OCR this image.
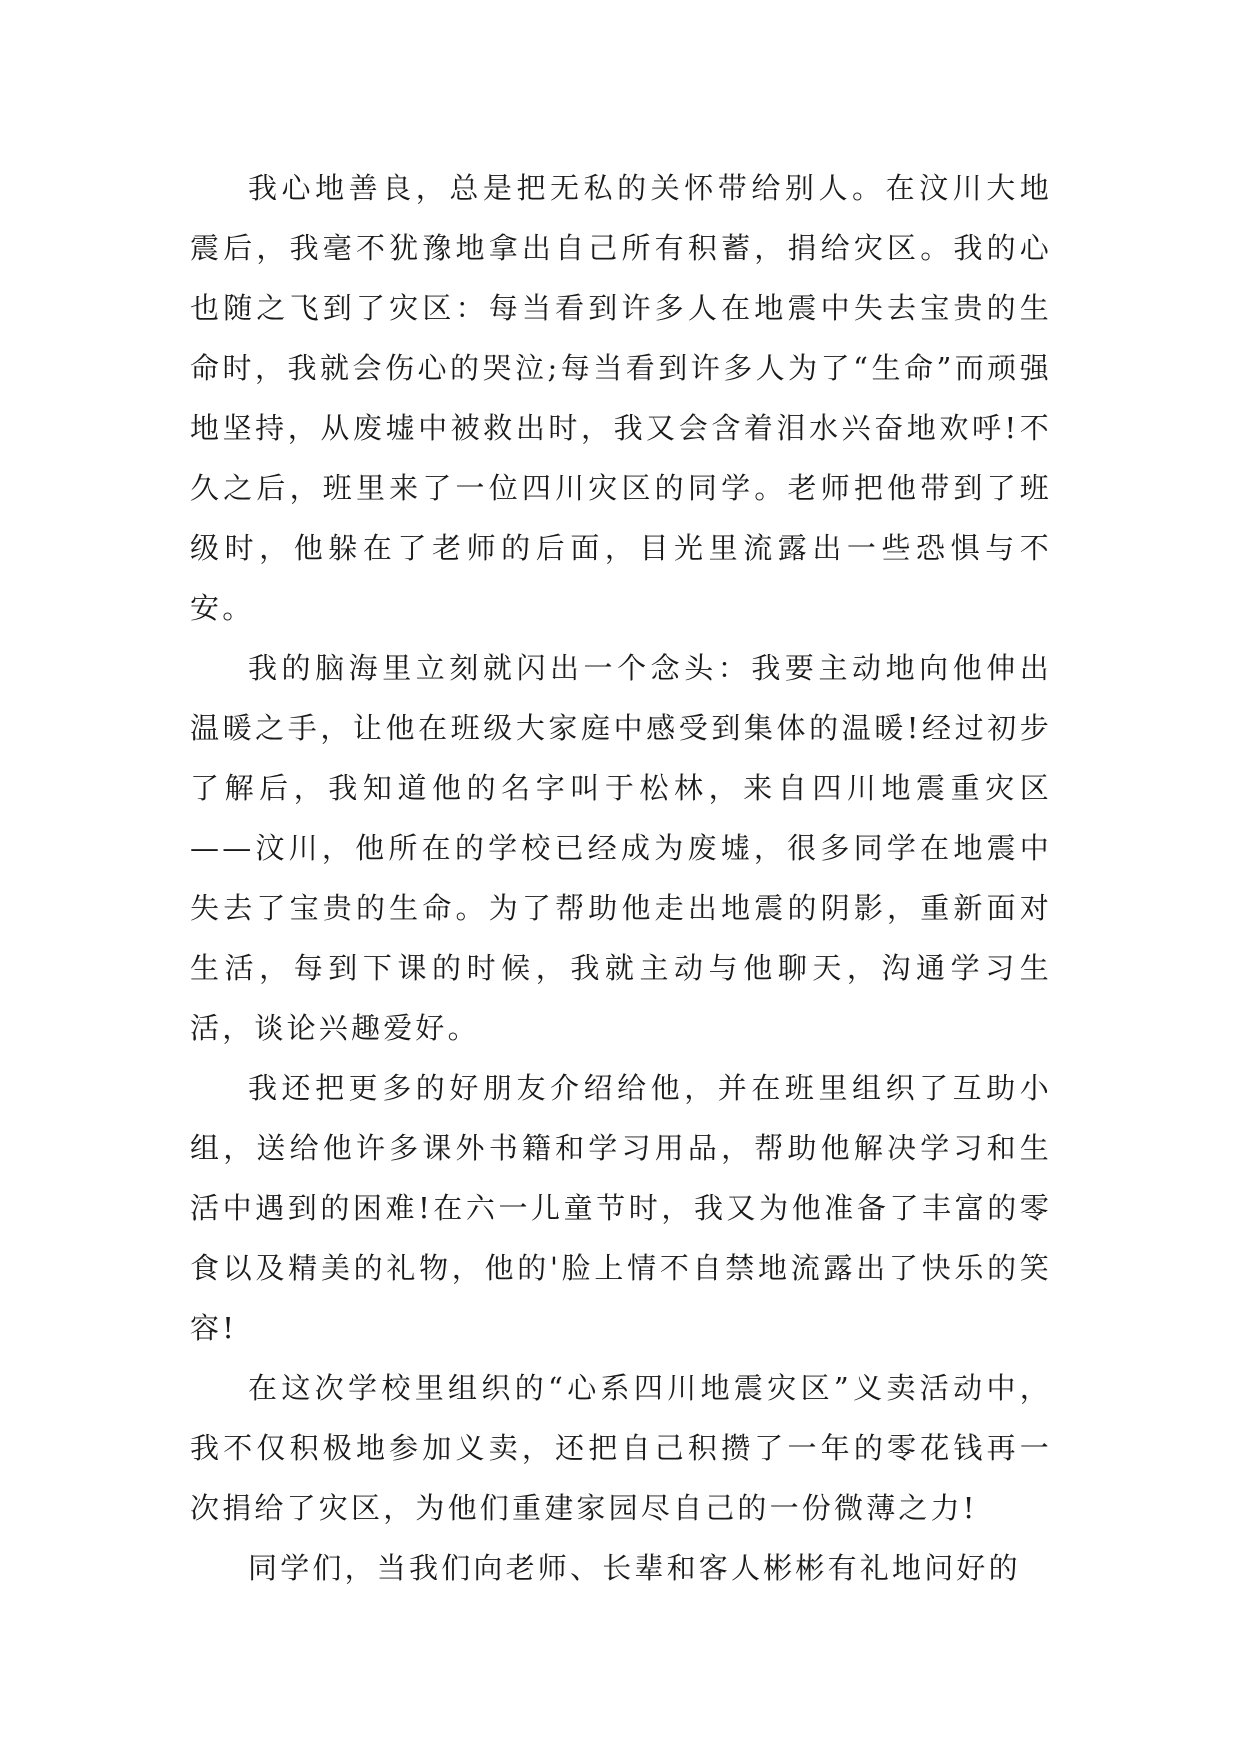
我心地善良，总是把无私的关怀带给别人。在汶川大地震后，我毫不犹豫地拿出自己所有积蓄，捐给灾区。我的心也随之飞到了灾区：每当看到许多人在地震中失去宝贵的生命时，我就会伤心的哭泣;每当看到许多人为了“生命”而顽强地坚持，从废墟中被救出时，我又会含着泪水兴奋地欢呼!不久之后，班里来了一位四川灾区的同学。老师把他带到了班级时，他躲在了老师的后面，目光里流露出一些恐惧与不安。

我的脑海里立刻就闪出一个念头：我要主动地向他伸出温暖之手，让他在班级大家庭中感受到集体的温暖!经过初步了解后，我知道他的名字叫于松林，来自四川地震重灾区——汶川，他所在的学校已经成为废墟，很多同学在地震中失去了宝贵的生命。为了帮助他走出地震的阴影，重新面对生活，每到下课的时候，我就主动与他聊天，沟通学习生活，谈论兴趣爱好。

我还把更多的好朋友介绍给他，并在班里组织了互助小组，送给他许多课外书籍和学习用品，帮助他解决学习和生活中遇到的困难!在六一儿童节时，我又为他准备了丰富的零食以及精美的礼物，他的'脸上情不自禁地流露出了快乐的笑容!

在这次学校里组织的“心系四川地震灾区”义卖活动中，我不仅积极地参加义卖，还把自己积攒了一年的零花钱再一次捐给了灾区，为他们重建家园尽自己的一份微薄之力!

同学们，当我们向老师、长辈和客人彬彬有礼地问好的
